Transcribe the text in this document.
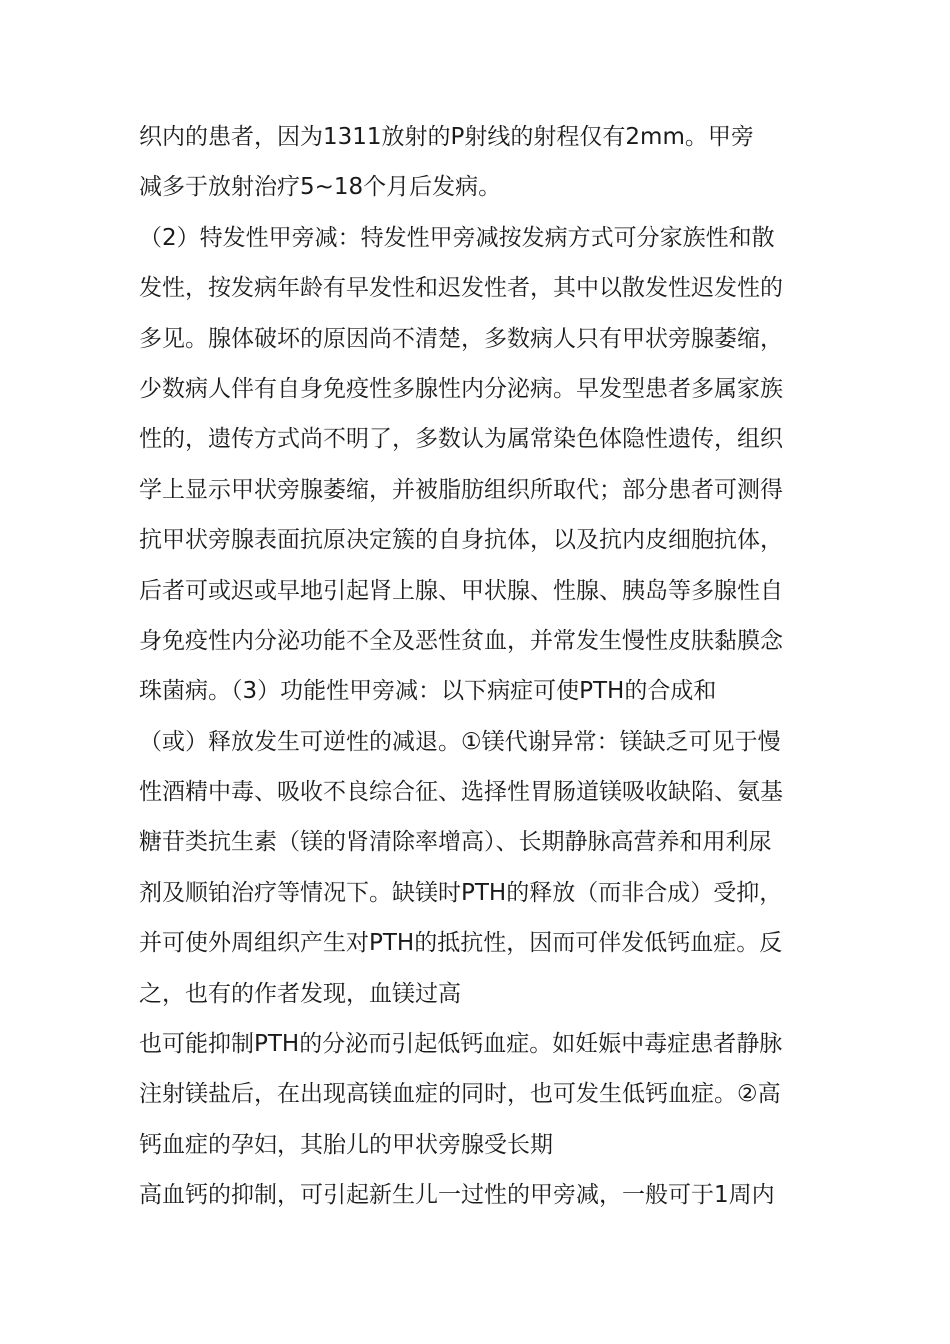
织内的患者，因为1311放射的P射线的射程仅有2mm。甲旁
减多于放射治疗5~18个月后发病。
（2）特发性甲旁减：特发性甲旁减按发病方式可分家族性和散
发性，按发病年龄有早发性和迟发性者，其中以散发性迟发性的
多见。腺体破坏的原因尚不清楚，多数病人只有甲状旁腺萎缩，
少数病人伴有自身免疫性多腺性内分泌病。早发型患者多属家族
性的，遗传方式尚不明了，多数认为属常染色体隐性遗传，组织
学上显示甲状旁腺萎缩，并被脂肪组织所取代；部分患者可测得
抗甲状旁腺表面抗原决定簇的自身抗体，以及抗内皮细胞抗体，
后者可或迟或早地引起肾上腺、甲状腺、性腺、胰岛等多腺性自
身免疫性内分泌功能不全及恶性贫血，并常发生慢性皮肤黏膜念
珠菌病。（3）功能性甲旁减：以下病症可使PTH的合成和
（或）释放发生可逆性的减退。①镁代谢异常：镁缺乏可见于慢
性酒精中毒、吸收不良综合征、选择性胃肠道镁吸收缺陷、氨基
糖苷类抗生素（镁的肾清除率增高）、长期静脉高营养和用利尿
剂及顺铂治疗等情况下。缺镁时PTH的释放（而非合成）受抑，
并可使外周组织产生对PTH的抵抗性，因而可伴发低钙血症。反
之，也有的作者发现，血镁过高
也可能抑制PTH的分泌而引起低钙血症。如妊娠中毒症患者静脉
注射镁盐后，在出现高镁血症的同时，也可发生低钙血症。②高
钙血症的孕妇，其胎儿的甲状旁腺受长期
高血钙的抑制，可引起新生儿一过性的甲旁减，一般可于1周内
